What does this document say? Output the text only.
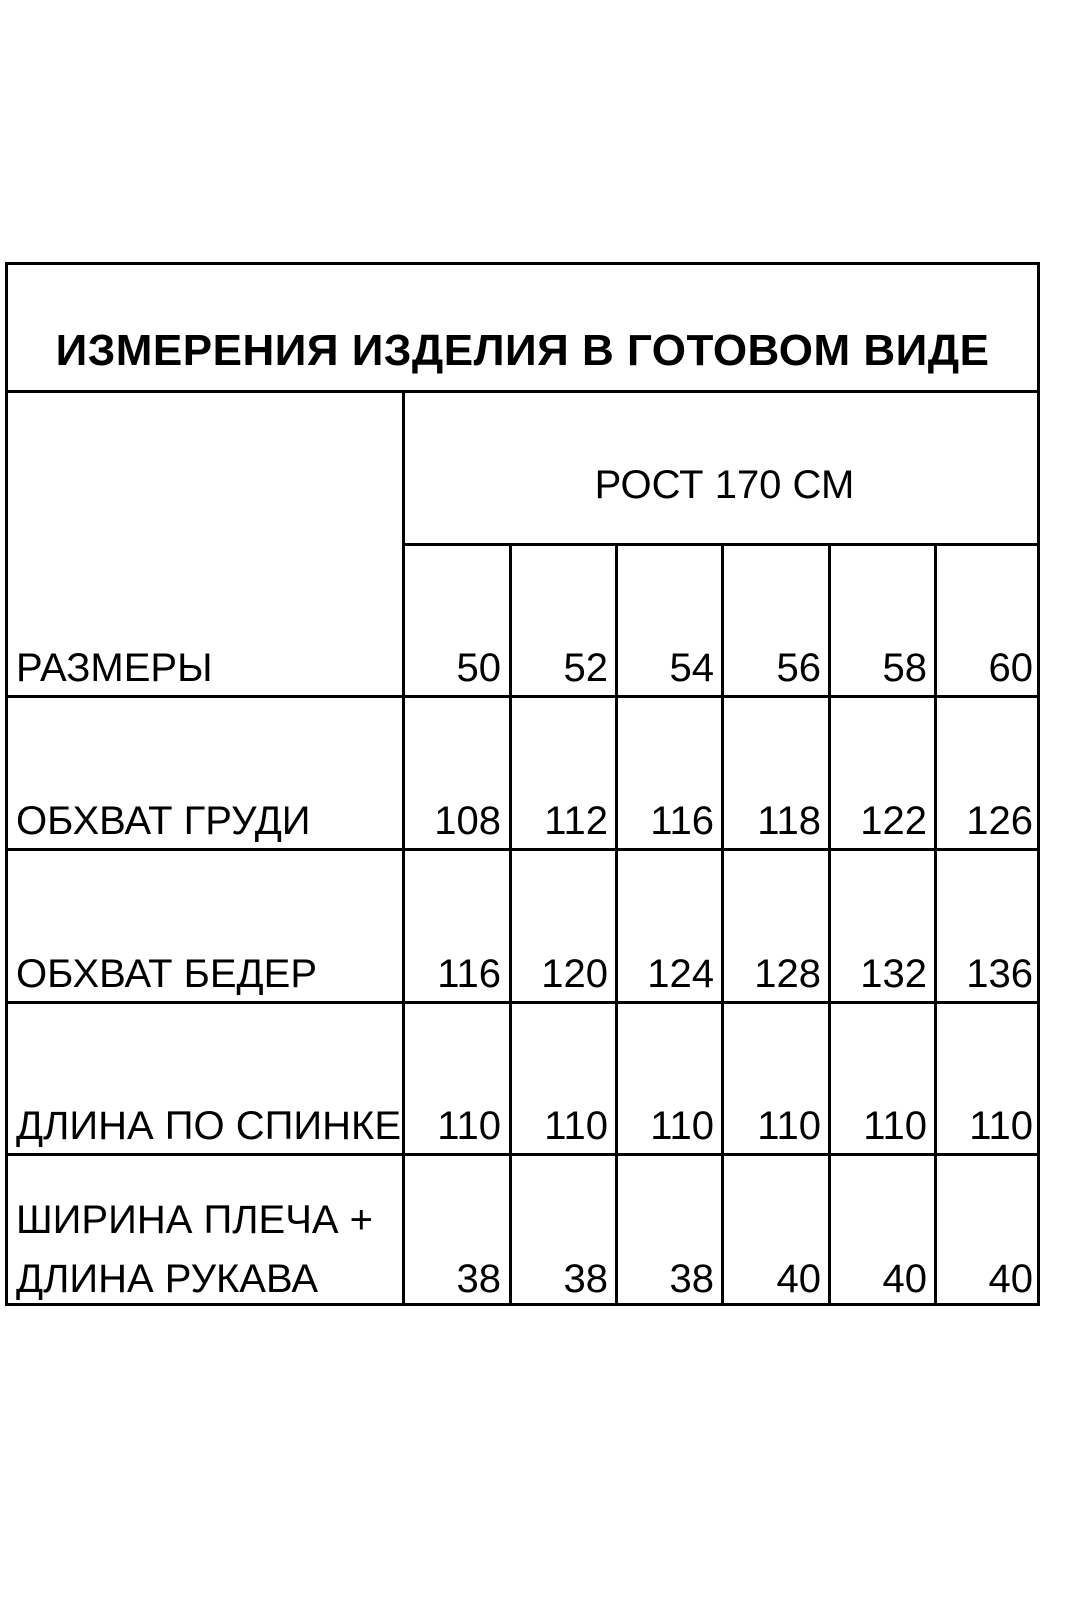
ИЗМЕРЕНИЯ ИЗДЕЛИЯ В ГОТОВОМ ВИДЕ
РОСТ 170 СМ
РАЗМЕРЫ	50	52	54	56	58	60
ОБХВАТ ГРУДИ	108	112	116	118 122 126
ОБХВАТ БЕДЕР	116	120 124	128 132 136
ДЛИНА ПО СПИНКЕ 110	110	110	110	110	110
ШИРИНА ПЛЕЧА +
ДЛИНА РУКАВА	38	38	38	40	40	40
